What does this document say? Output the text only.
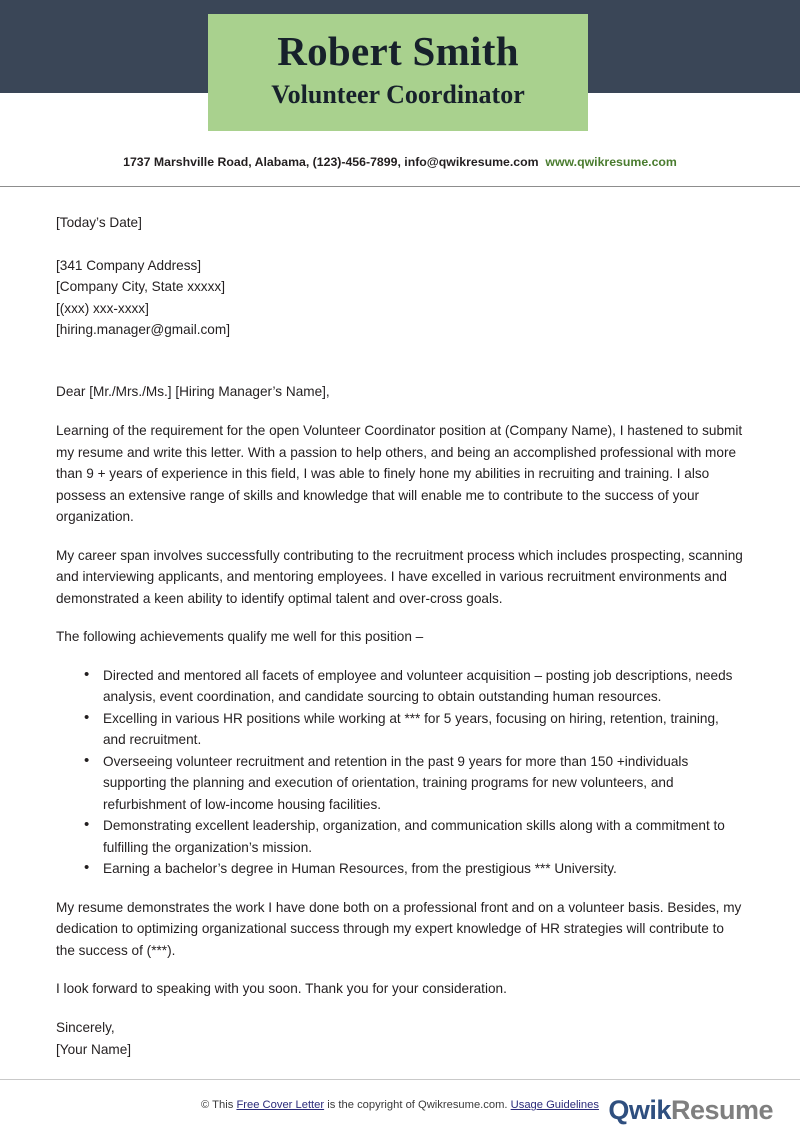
Robert Smith
Volunteer Coordinator
1737 Marshville Road, Alabama, (123)-456-7899, info@qwikresume.com www.qwikresume.com
[Today’s Date]
[341 Company Address]
[Company City, State xxxxx]
[(xxx) xxx-xxxx]
[hiring.manager@gmail.com]
Dear [Mr./Mrs./Ms.] [Hiring Manager’s Name],

Learning of the requirement for the open Volunteer Coordinator position at (Company Name), I hastened to submit my resume and write this letter. With a passion to help others, and being an accomplished professional with more than 9 + years of experience in this field, I was able to finely hone my abilities in recruiting and training. I also possess an extensive range of skills and knowledge that will enable me to contribute to the success of your organization.

My career span involves successfully contributing to the recruitment process which includes prospecting, scanning and interviewing applicants, and mentoring employees. I have excelled in various recruitment environments and demonstrated a keen ability to identify optimal talent and over-cross goals.

The following achievements qualify me well for this position –

• Directed and mentored all facets of employee and volunteer acquisition – posting job descriptions, needs analysis, event coordination, and candidate sourcing to obtain outstanding human resources.
• Excelling in various HR positions while working at *** for 5 years, focusing on hiring, retention, training, and recruitment.
• Overseeing volunteer recruitment and retention in the past 9 years for more than 150 +individuals supporting the planning and execution of orientation, training programs for new volunteers, and refurbishment of low-income housing facilities.
• Demonstrating excellent leadership, organization, and communication skills along with a commitment to fulfilling the organization’s mission.
• Earning a bachelor’s degree in Human Resources, from the prestigious *** University.

My resume demonstrates the work I have done both on a professional front and on a volunteer basis. Besides, my dedication to optimizing organizational success through my expert knowledge of HR strategies will contribute to the success of (***).

I look forward to speaking with you soon. Thank you for your consideration.

Sincerely,
[Your Name]
© This Free Cover Letter is the copyright of Qwikresume.com. Usage Guidelines QwikResume
